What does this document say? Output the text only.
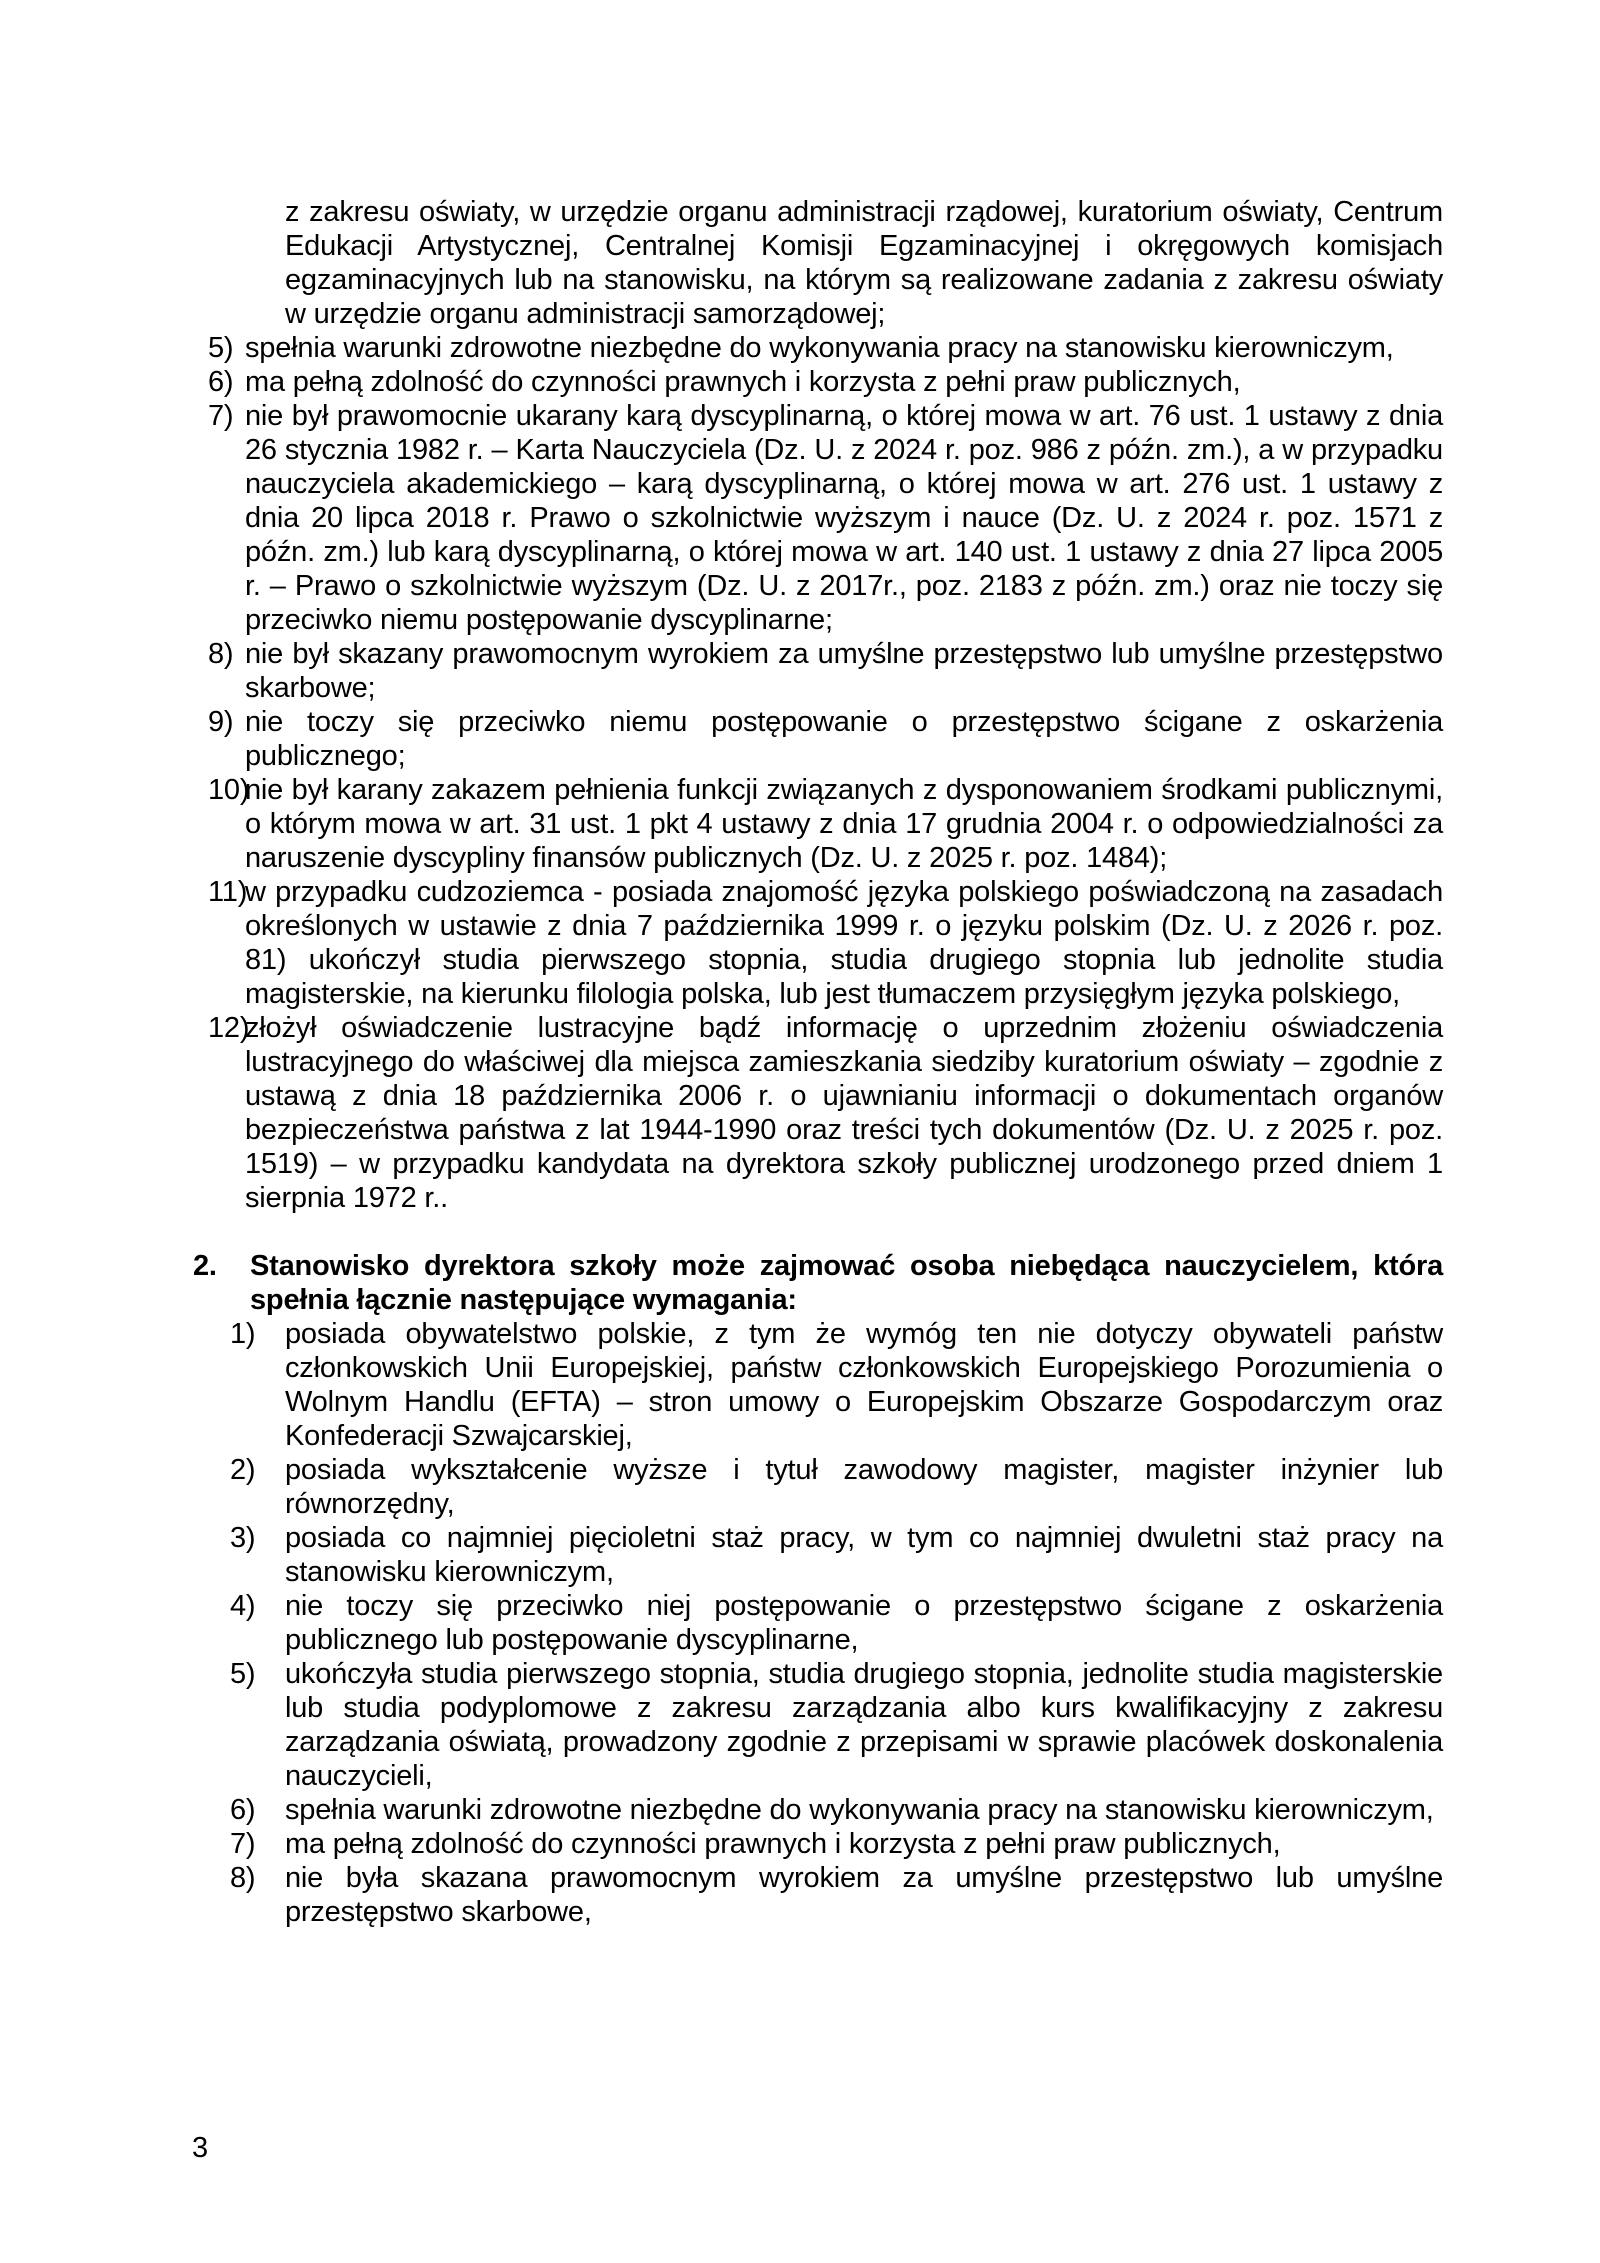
z zakresu oświaty, w urzędzie organu administracji rządowej, kuratorium oświaty, Centrum Edukacji Artystycznej, Centralnej Komisji Egzaminacyjnej i okręgowych komisjach egzaminacyjnych lub na stanowisku, na którym są realizowane zadania z zakresu oświaty w urzędzie organu administracji samorządowej;

5) spełnia warunki zdrowotne niezbędne do wykonywania pracy na stanowisku kierowniczym,
6) ma pełną zdolność do czynności prawnych i korzysta z pełni praw publicznych,
7) nie był prawomocnie ukarany karą dyscyplinarną, o której mowa w art. 76 ust. 1 ustawy z dnia 26 stycznia 1982 r. – Karta Nauczyciela (Dz. U. z 2024 r. poz. 986 z późn. zm.), a w przypadku nauczyciela akademickiego – karą dyscyplinarną, o której mowa w art. 276 ust. 1 ustawy z dnia 20 lipca 2018 r. Prawo o szkolnictwie wyższym i nauce (Dz. U. z 2024 r. poz. 1571 z późn. zm.) lub karą dyscyplinarną, o której mowa w art. 140 ust. 1 ustawy z dnia 27 lipca 2005 r. – Prawo o szkolnictwie wyższym (Dz. U. z 2017r., poz. 2183 z późn. zm.) oraz nie toczy się przeciwko niemu postępowanie dyscyplinarne;
8) nie był skazany prawomocnym wyrokiem za umyślne przestępstwo lub umyślne przestępstwo skarbowe;
9) nie toczy się przeciwko niemu postępowanie o przestępstwo ścigane z oskarżenia publicznego;
10)
nie był karany zakazem pełnienia funkcji związanych z dysponowaniem środkami publicznymi, o którym mowa w art. 31 ust. 1 pkt 4 ustawy z dnia 17 grudnia 2004 r. o odpowiedzialności za naruszenie dyscypliny finansów publicznych (Dz. U. z 2025 r. poz. 1484);
11)
w przypadku cudzoziemca - posiada znajomość języka polskiego poświadczoną na zasadach określonych w ustawie z dnia 7 października 1999 r. o języku polskim (Dz. U. z 2026 r. poz. 81) ukończył studia pierwszego stopnia, studia drugiego stopnia lub jednolite studia magisterskie, na kierunku filologia polska, lub jest tłumaczem przysięgłym języka polskiego,
12)
złożył oświadczenie lustracyjne bądź informację o uprzednim złożeniu oświadczenia lustracyjnego do właściwej dla miejsca zamieszkania siedziby kuratorium oświaty – zgodnie z ustawą z dnia 18 października 2006 r. o ujawnianiu informacji o dokumentach organów bezpieczeństwa państwa z lat 1944-1990 oraz treści tych dokumentów (Dz. U. z 2025 r. poz. 1519) – w przypadku kandydata na dyrektora szkoły publicznej urodzonego przed dniem 1 sierpnia 1972 r..
2. Stanowisko dyrektora szkoły może zajmować osoba niebędąca nauczycielem, która spełnia łącznie następujące wymagania:
1) posiada obywatelstwo polskie, z tym że wymóg ten nie dotyczy obywateli państw członkowskich Unii Europejskiej, państw członkowskich Europejskiego Porozumienia o Wolnym Handlu (EFTA) – stron umowy o Europejskim Obszarze Gospodarczym oraz Konfederacji Szwajcarskiej,
2) posiada wykształcenie wyższe i tytuł zawodowy magister, magister inżynier lub równorzędny,
3) posiada co najmniej pięcioletni staż pracy, w tym co najmniej dwuletni staż pracy na stanowisku kierowniczym,
4) nie toczy się przeciwko niej postępowanie o przestępstwo ścigane z oskarżenia publicznego lub postępowanie dyscyplinarne,
5) ukończyła studia pierwszego stopnia, studia drugiego stopnia, jednolite studia magisterskie lub studia podyplomowe z zakresu zarządzania albo kurs kwalifikacyjny z zakresu zarządzania oświatą, prowadzony zgodnie z przepisami w sprawie placówek doskonalenia nauczycieli,
6) spełnia warunki zdrowotne niezbędne do wykonywania pracy na stanowisku kierowniczym,
7) ma pełną zdolność do czynności prawnych i korzysta z pełni praw publicznych,
8) nie była skazana prawomocnym wyrokiem za umyślne przestępstwo lub umyślne przestępstwo skarbowe,
3
